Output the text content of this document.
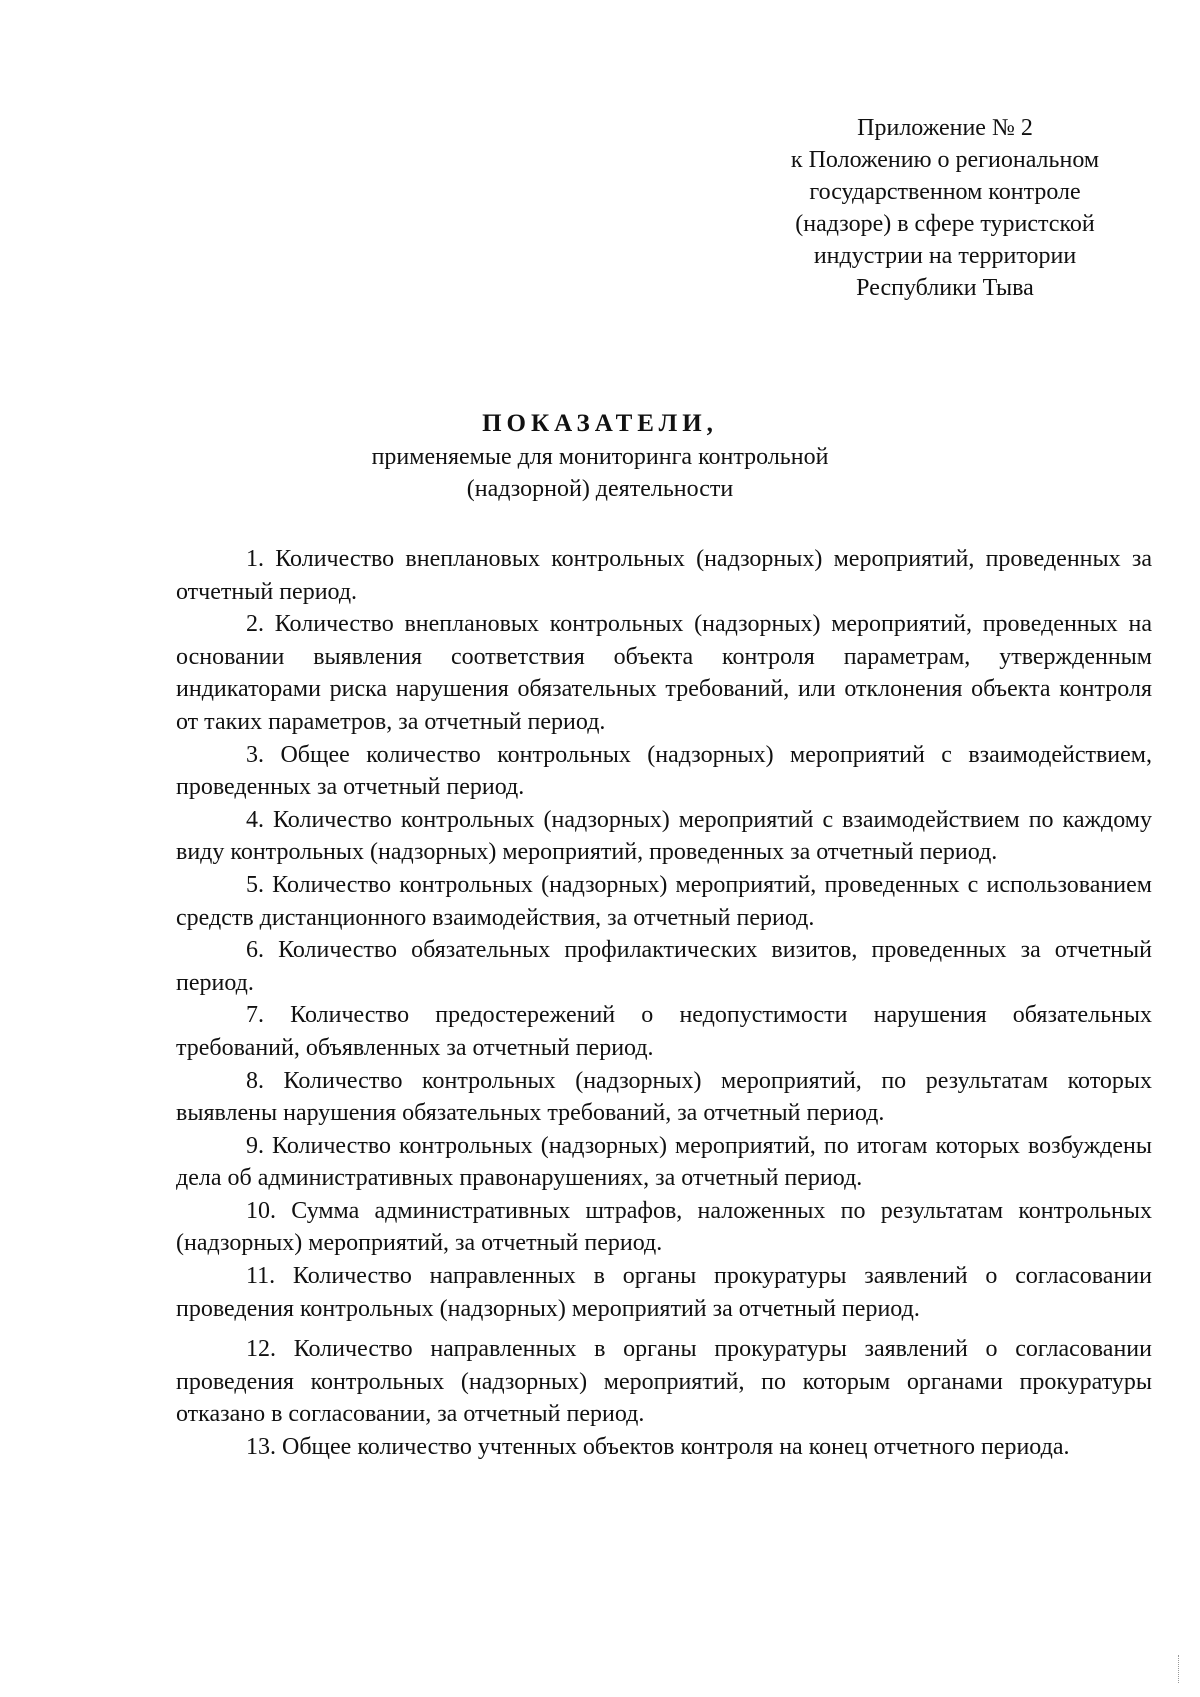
Приложение № 2
к Положению о региональном
государственном контроле
(надзоре) в сфере туристской
индустрии на территории
Республики Тыва
ПОКАЗАТЕЛИ,
применяемые для мониторинга контрольной
(надзорной) деятельности

1. Количество внеплановых контрольных (надзорных) мероприятий, проведенных за отчетный период.

2. Количество внеплановых контрольных (надзорных) мероприятий, проведенных на основании выявления соответствия объекта контроля параметрам, утвержденным индикаторами риска нарушения обязательных требований, или отклонения объекта контроля от таких параметров, за отчетный период.

3. Общее количество контрольных (надзорных) мероприятий с взаимодействием, проведенных за отчетный период.

4. Количество контрольных (надзорных) мероприятий с взаимодействием по каждому виду контрольных (надзорных) мероприятий, проведенных за отчетный период.

5. Количество контрольных (надзорных) мероприятий, проведенных с использованием средств дистанционного взаимодействия, за отчетный период.

6. Количество обязательных профилактических визитов, проведенных за отчетный период.

7. Количество предостережений о недопустимости нарушения обязательных требований, объявленных за отчетный период.

8. Количество контрольных (надзорных) мероприятий, по результатам которых выявлены нарушения обязательных требований, за отчетный период.

9. Количество контрольных (надзорных) мероприятий, по итогам которых возбуждены дела об административных правонарушениях, за отчетный период.

10. Сумма административных штрафов, наложенных по результатам контрольных (надзорных) мероприятий, за отчетный период.

11. Количество направленных в органы прокуратуры заявлений о согласовании проведения контрольных (надзорных) мероприятий за отчетный период.

12. Количество направленных в органы прокуратуры заявлений о согласовании проведения контрольных (надзорных) мероприятий, по которым органами прокуратуры отказано в согласовании, за отчетный период.

13. Общее количество учтенных объектов контроля на конец отчетного периода.
